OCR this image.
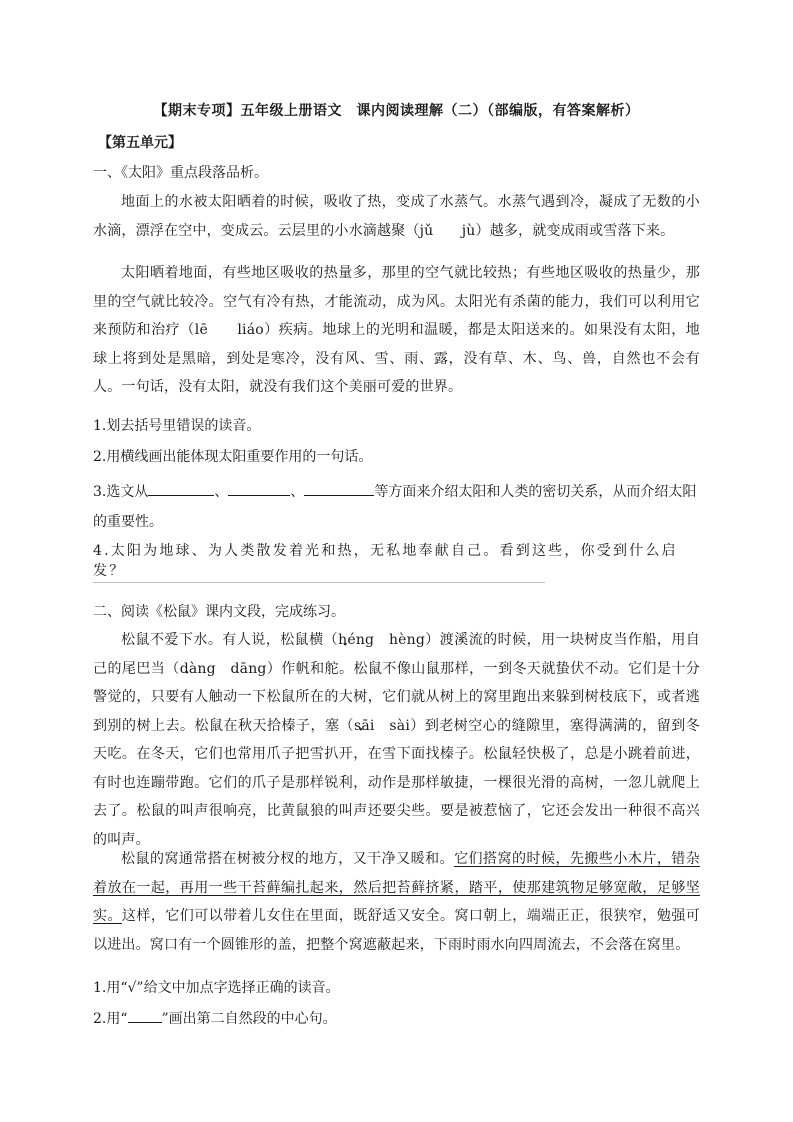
【期末专项】五年级上册语文　课内阅读理解（二）（部编版，有答案解析）
【第五单元】
一、《太阳》重点段落品析。
地面上的水被太阳晒着的时候，吸收了热，变成了水蒸气。水蒸气遇到冷，凝成了无数的小水滴，漂浮在空中，变成云。云层里的小水滴越聚（jǔ　　jù）越多，就变成雨或雪落下来。
太阳晒着地面，有些地区吸收的热量多，那里的空气就比较热；有些地区吸收的热量少，那里的空气就比较冷。空气有冷有热，才能流动，成为风。太阳光有杀菌的能力，我们可以利用它来预防和治疗（lē　　liáo）疾病。地球上的光明和温暖，都是太阳送来的。如果没有太阳，地球上将到处是黑暗，到处是寒冷，没有风、雪、雨、露，没有草、木、鸟、兽，自然也不会有人。一句话，没有太阳，就没有我们这个美丽可爱的世界。
1.划去括号里错误的读音。
2.用横线画出能体现太阳重要作用的一句话。
3.选文从	、	、	等方面来介绍太阳和人类的密切关系，从而介绍太阳
的重要性。
4.太阳为地球、为人类散发着光和热，无私地奉献自己。看到这些，你受到什么启发？
二、阅读《松鼠》课内文段，完成练习。
松鼠不爱下水。有人说，松鼠横 ·（héng　hèng）渡溪流的时候，用一块树皮当作船，用自己的尾巴当 ·（dàng　dāng）作帆和舵。松鼠不像山鼠那样，一到冬天就蛰伏不动。它们是十分警觉的，只要有人触动一下松鼠所在的大树，它们就从树上的窝里跑出来躲到树枝底下，或者逃到别的树上去。松鼠在秋天拾榛子，塞 ·（sāi　sài）到老树空心的缝隙里，塞得满满的，留到冬天吃。在冬天，它们也常用爪子把雪扒开，在雪下面找榛子。松鼠轻快极了，总是小跳着前进，有时也连蹦带跑。它们的爪子是那样锐利，动作是那样敏捷，一棵很光滑的高树，一忽儿就爬上去了。松鼠的叫声很响亮，比黄鼠狼的叫声还要尖些。要是被惹恼了，它还会发出一种很不高兴的叫声。
松鼠的窝通常搭在树被分杈的地方，又干净又暖和。它们搭窝的时候，先搬些小木片，错杂着放在一起，再用一些干苔藓编扎起来，然后把苔藓挤紧，踏平，使那建筑物足够宽敞，足够坚实。这样，它们可以带着儿女住在里面，既舒适又安全。窝口朝上，端端正正，很狭窄，勉强可以进出。窝口有一个圆锥形的盖，把整个窝遮蔽起来，下雨时雨水向四周流去，不会落在窝里。
1.用“√”给文中加点字选择正确的读音。
2.用“ ”画出第二自然段的中心句。
